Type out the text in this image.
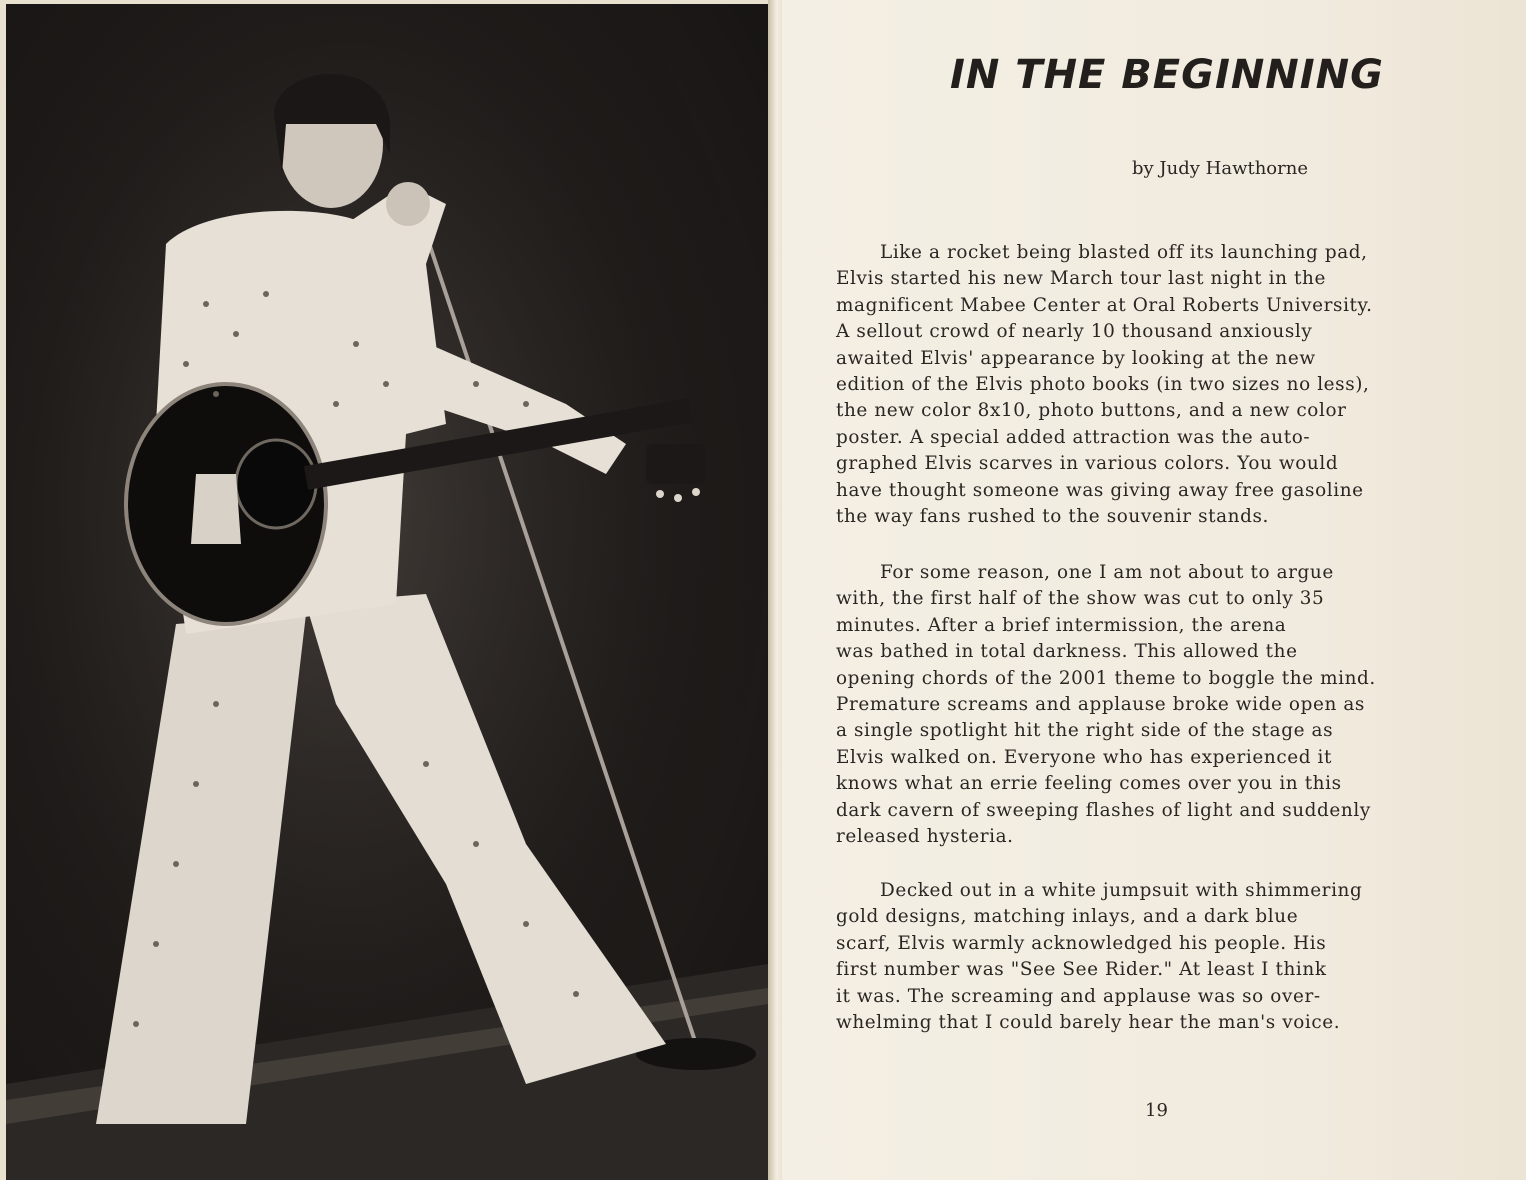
IN THE BEGINNING
by Judy Hawthorne

Like a rocket being blasted off its launching pad,
Elvis started his new March tour last night in the
magnificent Mabee Center at Oral Roberts University.
A sellout crowd of nearly 10 thousand anxiously
awaited Elvis' appearance by looking at the new
edition of the Elvis photo books (in two sizes no less),
the new color 8x10, photo buttons, and a new color
poster. A special added attraction was the auto-
graphed Elvis scarves in various colors. You would
have thought someone was giving away free gasoline
the way fans rushed to the souvenir stands.

For some reason, one I am not about to argue
with, the first half of the show was cut to only 35
minutes. After a brief intermission, the arena
was bathed in total darkness. This allowed the
opening chords of the 2001 theme to boggle the mind.
Premature screams and applause broke wide open as
a single spotlight hit the right side of the stage as
Elvis walked on. Everyone who has experienced it
knows what an errie feeling comes over you in this
dark cavern of sweeping flashes of light and suddenly
released hysteria.

Decked out in a white jumpsuit with shimmering
gold designs, matching inlays, and a dark blue
scarf, Elvis warmly acknowledged his people. His
first number was "See See Rider." At least I think
it was. The screaming and applause was so over-
whelming that I could barely hear the man's voice.

19
